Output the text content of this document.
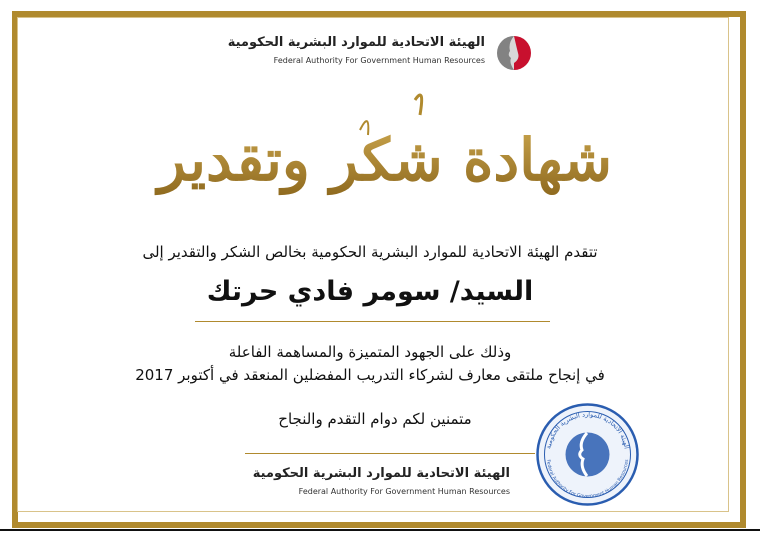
الهيئة الاتحادية للموارد البشرية الحكومية
Federal Authority For Government Human Resources
شهادة شكر وتقدير
تتقدم الهيئة الاتحادية للموارد البشرية الحكومية بخالص الشكر والتقدير إلى
السيد/ سومر فادي حرتك
وذلك على الجهود المتميزة والمساهمة الفاعلة
في إنجاح ملتقى معارف لشركاء التدريب المفضلين المنعقد في أكتوبر 2017
متمنين لكم دوام التقدم والنجاح
الهيئة الاتحادية للموارد البشرية الحكومية
Federal Authority For Government Human Resources
الهيئة الاتحادية للموارد البشرية الحكومية
Federal Authority For Government Human Resources
